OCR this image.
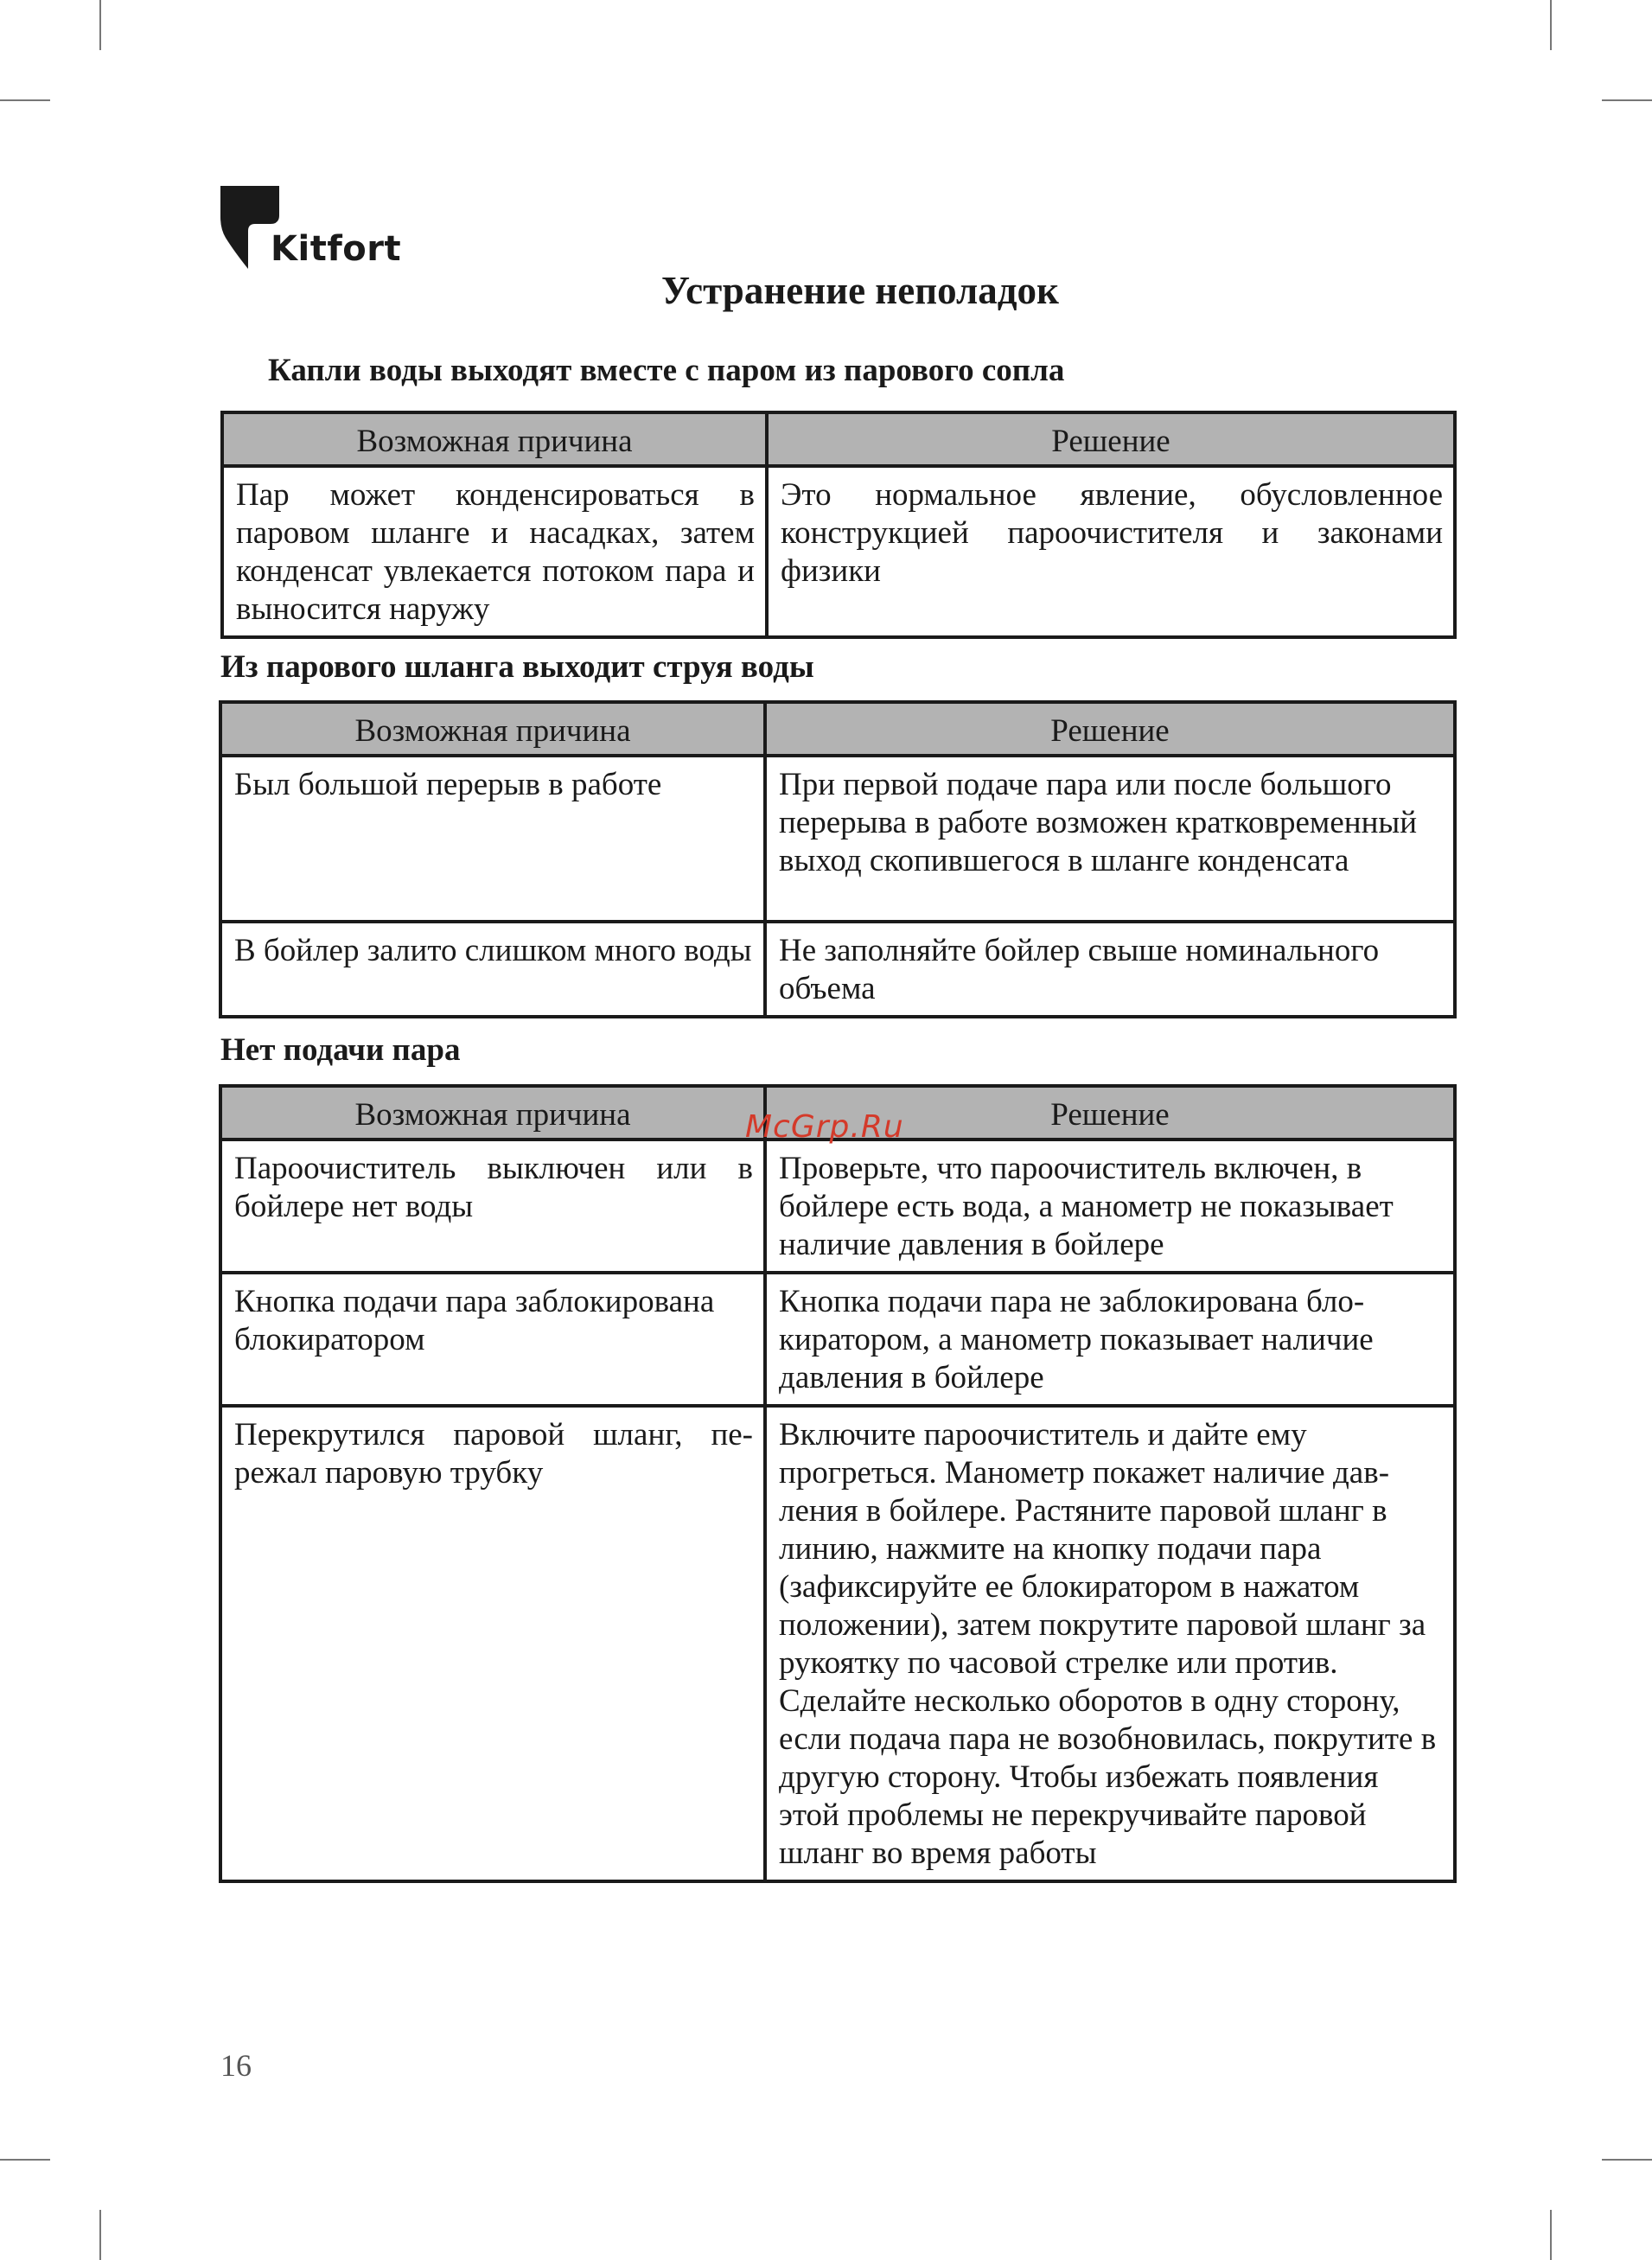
Kitfort
Устранение неполадок
Капли воды выходят вместе с паром из парового сопла
Возможная причина	Решение
Пар может конденсироваться в паровом шланге и насадках, затем конденсат увлекается потоком пара и выносится наружу	Это нормальное явление, обусловленное конструкцией пароочистителя и законами физики
Из парового шланга выходит струя воды
Возможная причина	Решение
Был большой перерыв в работе	При первой подаче пара или после большого перерыва в работе возможен кратковременный выход скопившегося в шланге конденсата
В бойлер залито слишком много воды	Не заполняйте бойлер свыше номинального объема
Нет подачи пара
Возможная причина	Решение
Пароочиститель выключен или в бойлере нет воды	Проверьте, что пароочиститель включен, в бойлере есть вода, а манометр не показывает наличие давления в бойлере
Кнопка подачи пара заблокирована блокиратором	Кнопка подачи пара не заблокирована блокиратором, а манометр показывает наличие давления в бойлере
Перекрутился паровой шланг, пережал паровую трубку	Включите пароочиститель и дайте ему прогреться. Манометр покажет наличие давления в бойлере. Растяните паровой шланг в линию, нажмите на кнопку подачи пара (зафиксируйте ее блокиратором в нажатом положении), затем покрутите паровой шланг за рукоятку по часовой стрелке или против. Сделайте несколько оборотов в одну сторону, если подача пара не возобновилась, покрутите в другую сторону. Чтобы избежать появления этой проблемы не перекручивайте паровой шланг во время работы
McGrp.Ru
16
